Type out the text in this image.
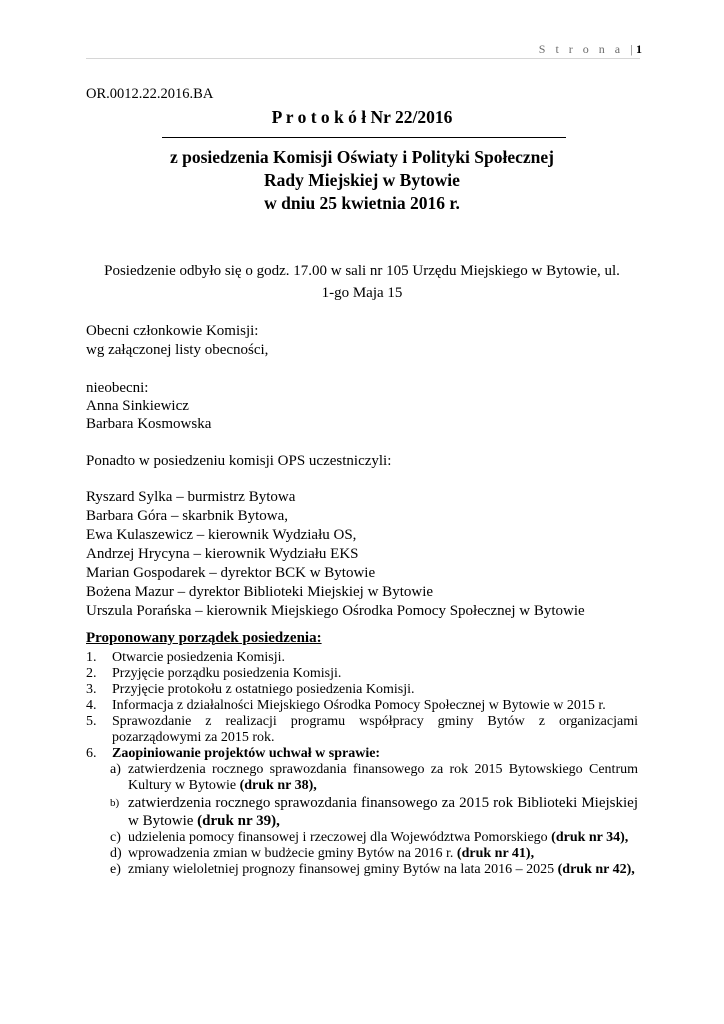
S t r o n a |1
OR.0012.22.2016.BA
P r o t o k ó ł Nr 22/2016
z posiedzenia Komisji Oświaty i Polityki Społecznej
Rady Miejskiej w Bytowie
w dniu 25 kwietnia 2016 r.
Posiedzenie odbyło się o godz. 17.00 w sali nr 105 Urzędu Miejskiego w Bytowie, ul.
1-go Maja 15
Obecni członkowie Komisji:
wg załączonej listy obecności,
nieobecni:
Anna Sinkiewicz
Barbara Kosmowska
Ponadto w posiedzeniu komisji OPS uczestniczyli:
Ryszard Sylka – burmistrz Bytowa
Barbara Góra – skarbnik Bytowa,
Ewa Kulaszewicz – kierownik Wydziału OS,
Andrzej Hrycyna – kierownik Wydziału EKS
Marian Gospodarek – dyrektor BCK w Bytowie
Bożena Mazur – dyrektor Biblioteki Miejskiej w Bytowie
Urszula Porańska – kierownik Miejskiego Ośrodka Pomocy Społecznej w Bytowie
Proponowany porządek posiedzenia:
1. Otwarcie posiedzenia Komisji.
2. Przyjęcie porządku posiedzenia Komisji.
3. Przyjęcie protokołu z ostatniego posiedzenia Komisji.
4. Informacja z działalności Miejskiego Ośrodka Pomocy Społecznej w Bytowie w 2015 r.
5. Sprawozdanie z realizacji programu współpracy gminy Bytów z organizacjami pozarządowymi za 2015 rok.
6. Zaopiniowanie projektów uchwał w sprawie:
a) zatwierdzenia rocznego sprawozdania finansowego za rok 2015 Bytowskiego Centrum Kultury w Bytowie (druk nr 38),
b) zatwierdzenia rocznego sprawozdania finansowego za 2015 rok Biblioteki Miejskiej w Bytowie (druk nr 39),
c) udzielenia pomocy finansowej i rzeczowej dla Województwa Pomorskiego (druk nr 34),
d) wprowadzenia zmian w budżecie gminy Bytów na 2016 r. (druk nr 41),
e) zmiany wieloletniej prognozy finansowej gminy Bytów na lata 2016 – 2025 (druk nr 42),
